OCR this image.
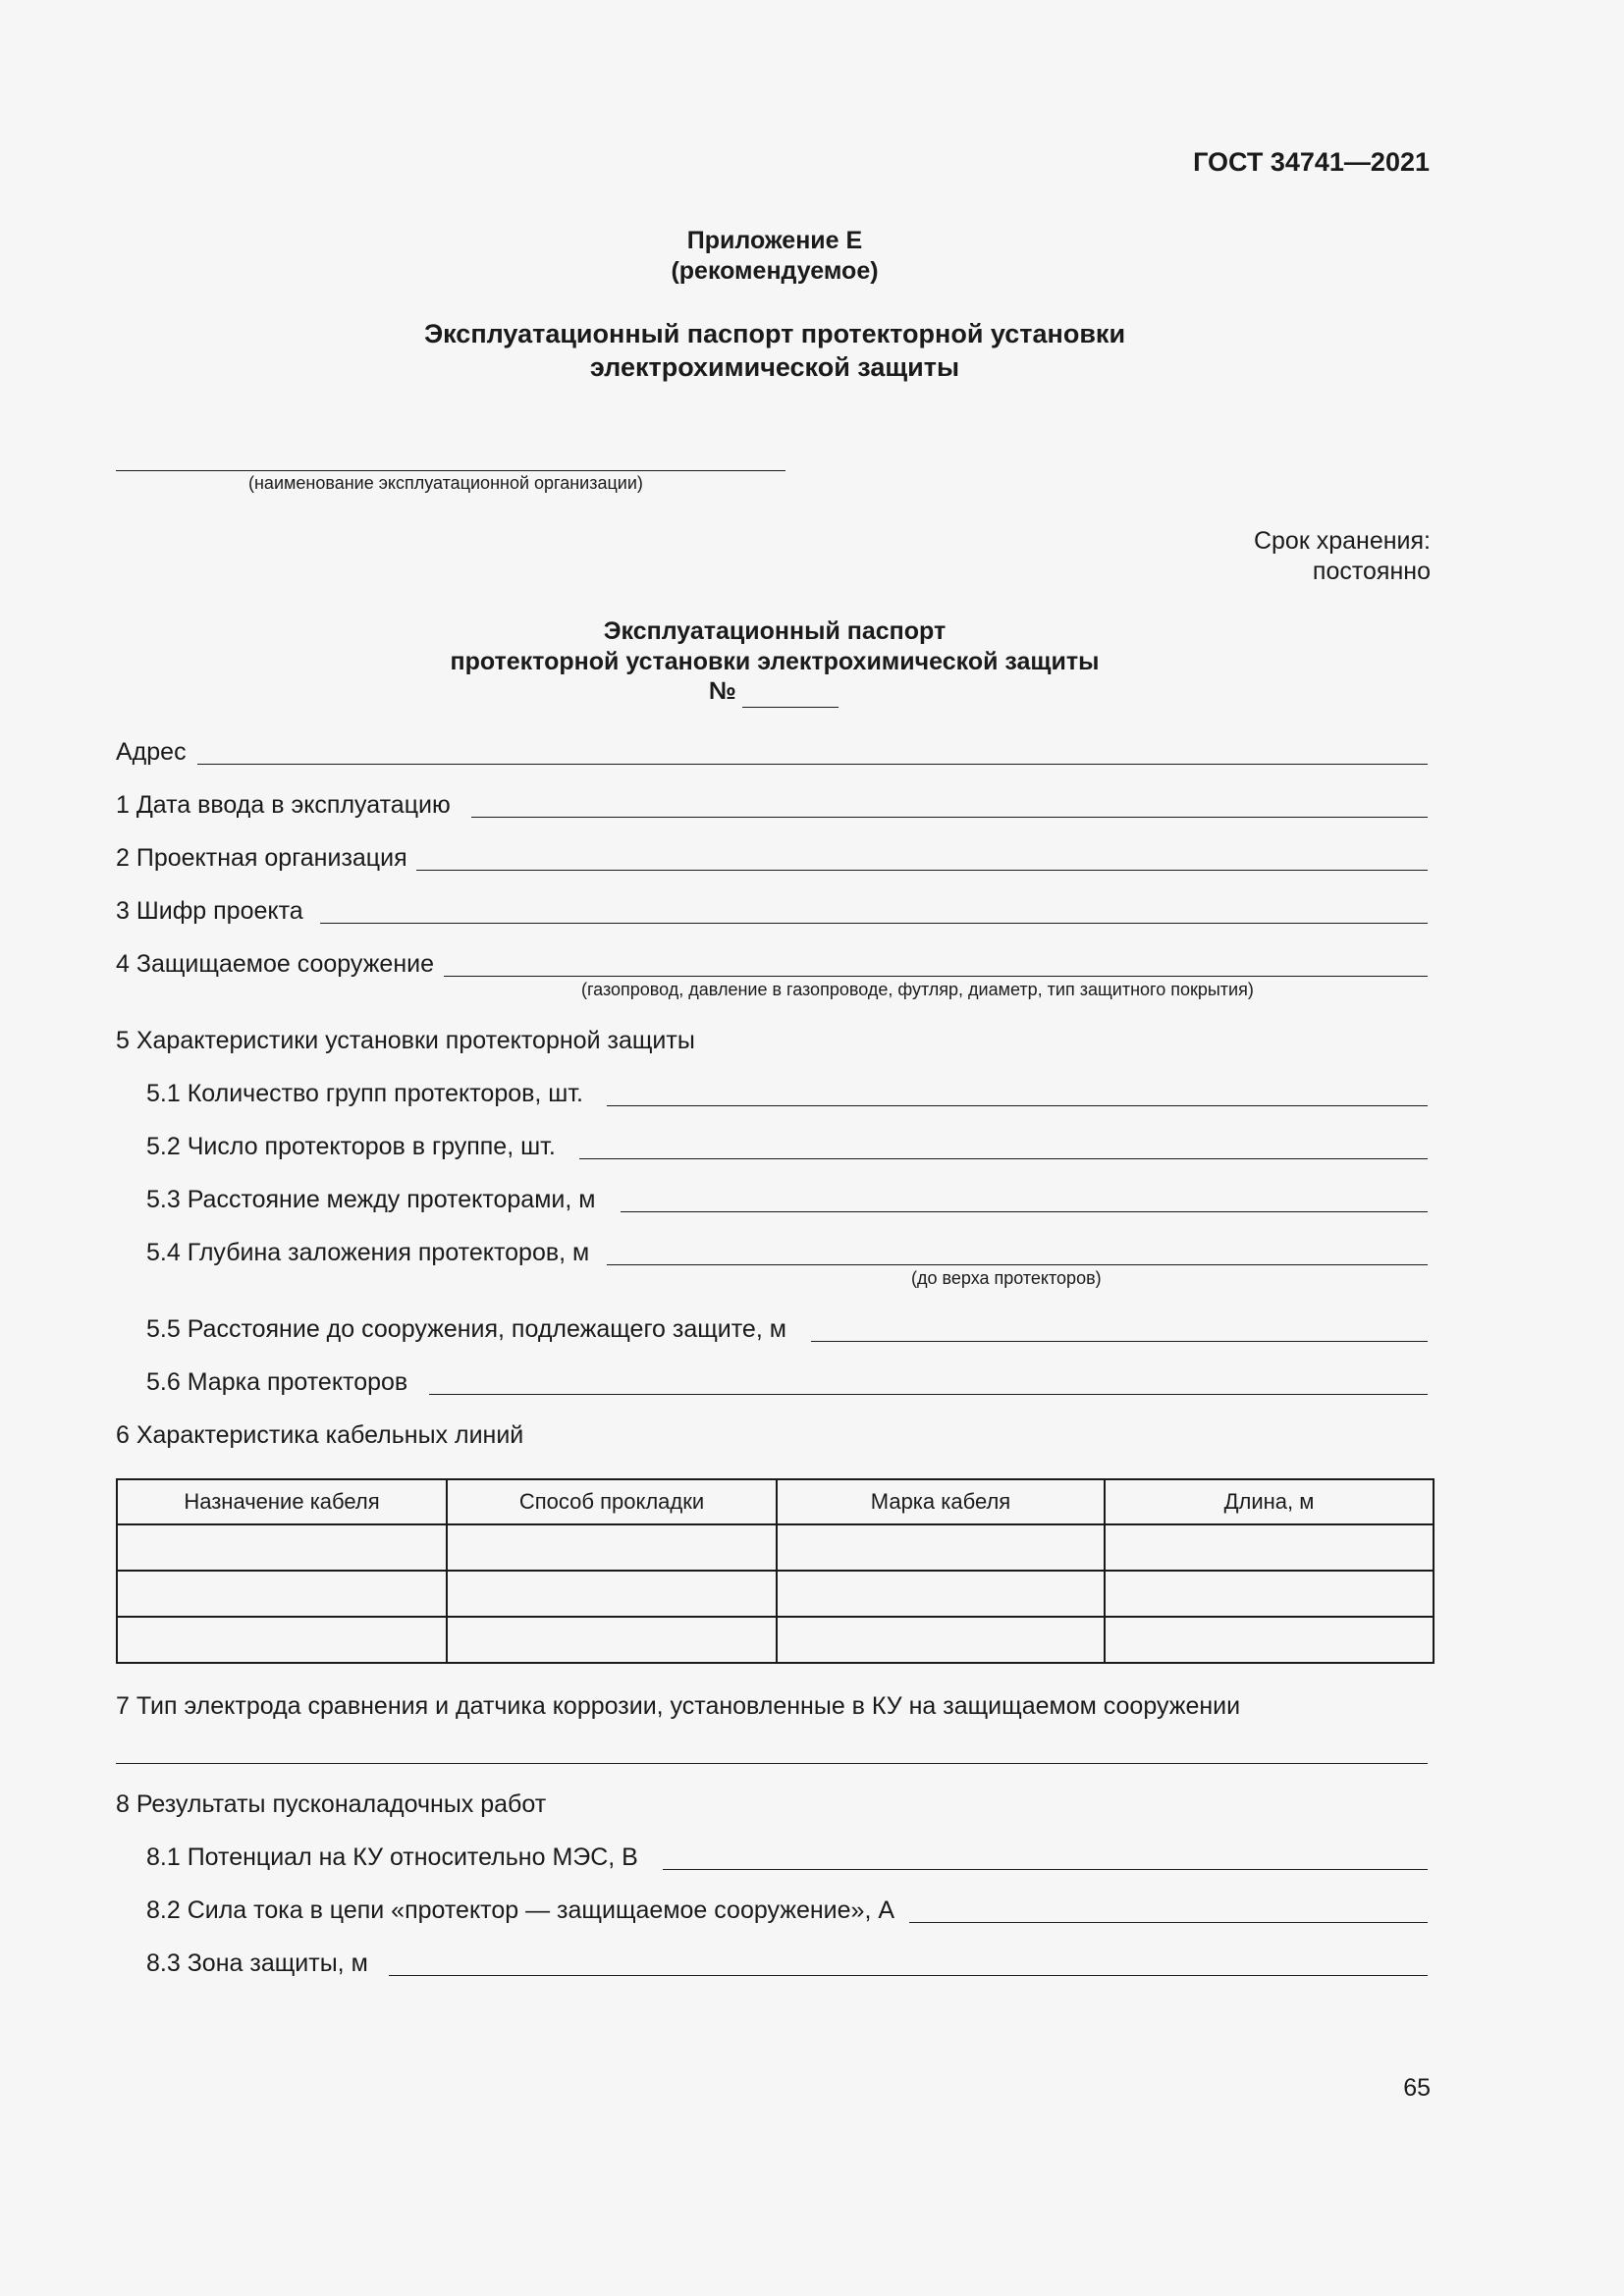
ГОСТ 34741—2021
Приложение Е
(рекомендуемое)
Эксплуатационный паспорт протекторной установки
электрохимической защиты
(наименование эксплуатационной организации)
Срок хранения:
постоянно
Эксплуатационный паспорт
протекторной установки электрохимической защиты
№
Адрес
1 Дата ввода в эксплуатацию
2 Проектная организация
3 Шифр проекта
4 Защищаемое сооружение
(газопровод, давление в газопроводе, футляр, диаметр, тип защитного покрытия)
5 Характеристики установки протекторной защиты
5.1 Количество групп протекторов, шт.
5.2 Число протекторов в группе, шт.
5.3 Расстояние между протекторами, м
5.4 Глубина заложения протекторов, м
(до верха протекторов)
5.5 Расстояние до сооружения, подлежащего защите, м
5.6 Марка протекторов
6 Характеристика кабельных линий
Назначение кабеля	Способ прокладки	Марка кабеля	Длина, м

7 Тип электрода сравнения и датчика коррозии, установленные в КУ на защищаемом сооружении
8 Результаты пусконаладочных работ
8.1 Потенциал на КУ относительно МЭС, В
8.2 Сила тока в цепи «протектор — защищаемое сооружение», А
8.3 Зона защиты, м
65
